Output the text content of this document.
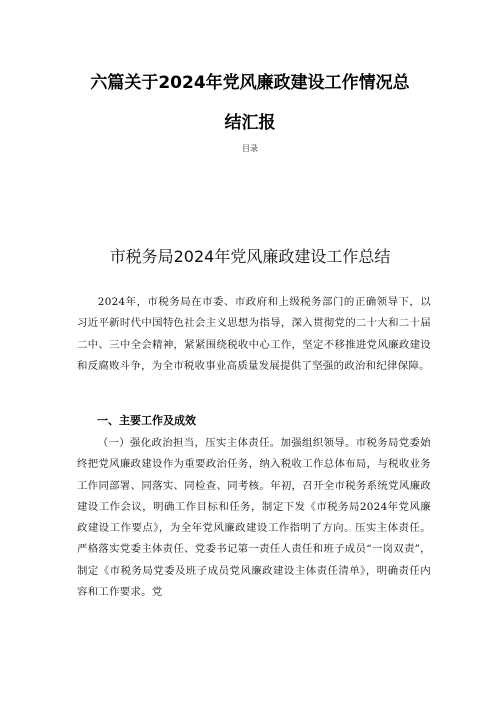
六篇关于2024年党风廉政建设工作情况总
结汇报
目录
市税务局2024年党风廉政建设工作总结

2024年，市税务局在市委、市政府和上级税务部门的正确领导下，以习近平新时代中国特色社会主义思想为指导，深入贯彻党的二十大和二十届二中、三中全会精神，紧紧围绕税收中心工作，坚定不移推进党风廉政建设和反腐败斗争，为全市税收事业高质量发展提供了坚强的政治和纪律保障。

一、主要工作及成效

（一）强化政治担当，压实主体责任。加强组织领导。市税务局党委始终把党风廉政建设作为重要政治任务，纳入税收工作总体布局，与税收业务工作同部署、同落实、同检查、同考核。年初，召开全市税务系统党风廉政建设工作会议，明确工作目标和任务，制定下发《市税务局2024年党风廉政建设工作要点》，为全年党风廉政建设工作指明了方向。压实主体责任。严格落实党委主体责任、党委书记第一责任人责任和班子成员“一岗双责”，制定《市税务局党委及班子成员党风廉政建设主体责任清单》，明确责任内容和工作要求。党
